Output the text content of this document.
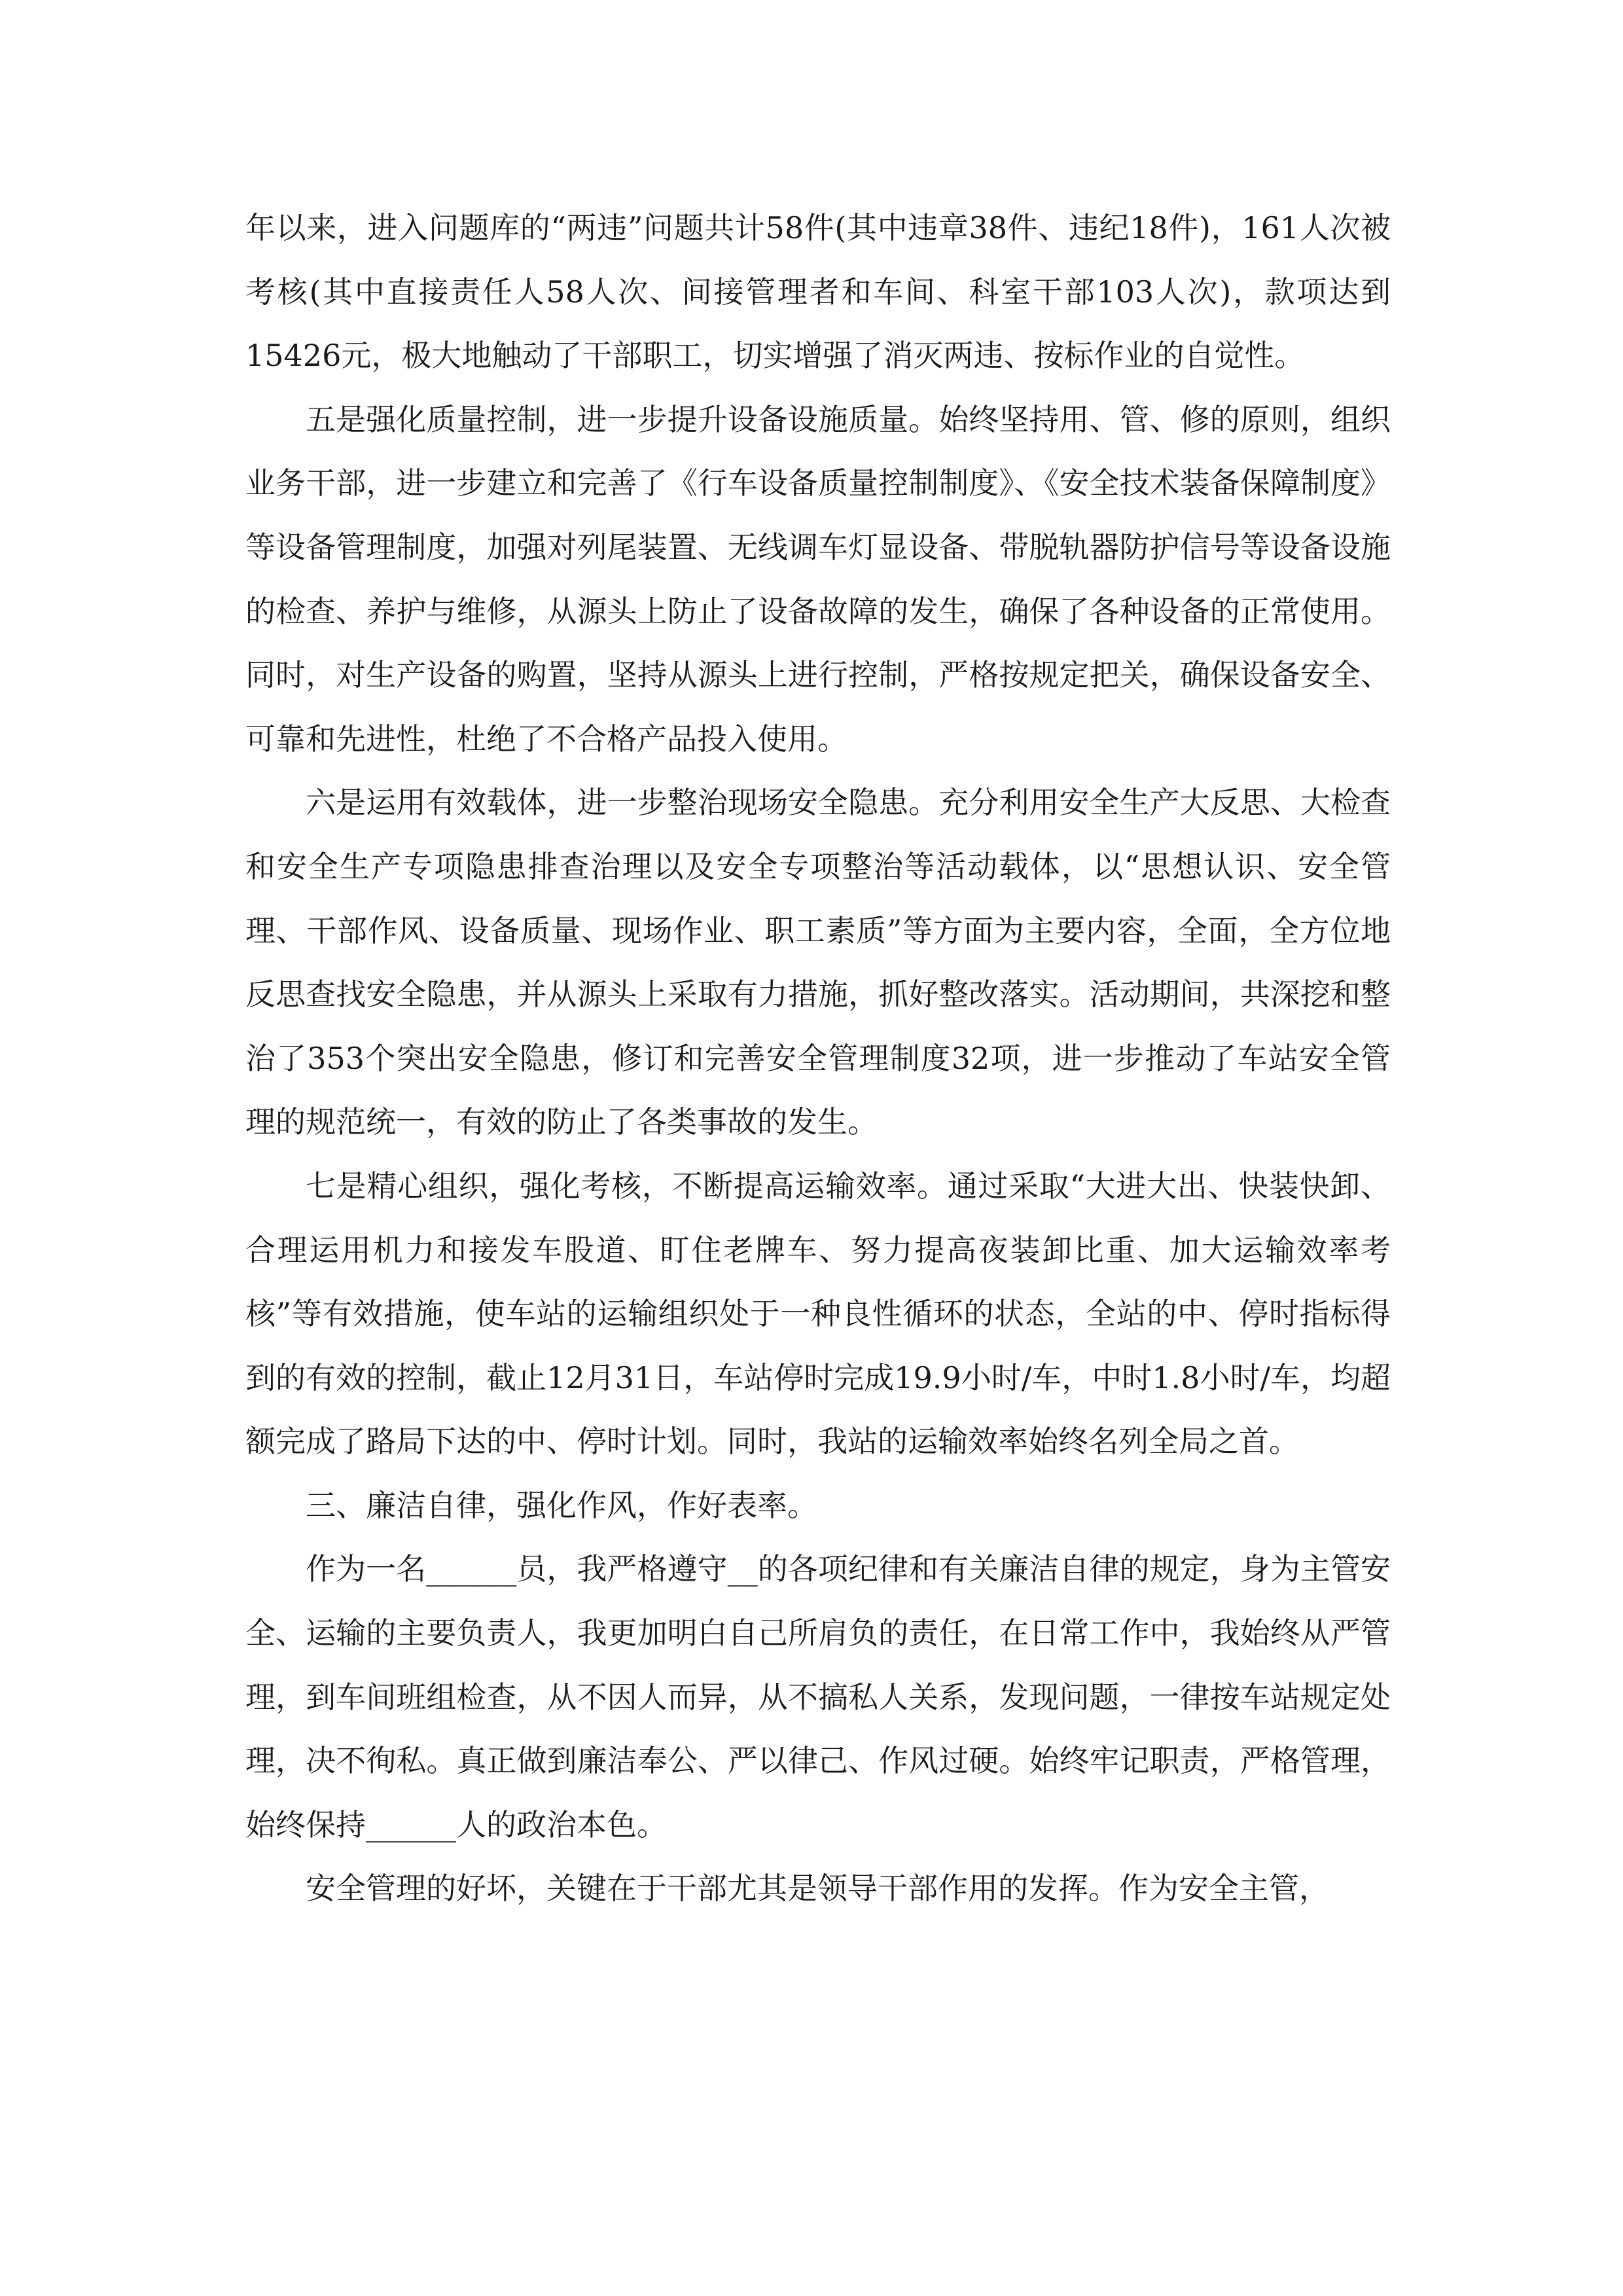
年以来，进入问题库的“两违”问题共计58件(其中违章38件、违纪18件)，161人次被考核(其中直接责任人58人次、间接管理者和车间、科室干部103人次)，款项达到15426元，极大地触动了干部职工，切实增强了消灭两违、按标作业的自觉性。

五是强化质量控制，进一步提升设备设施质量。始终坚持用、管、修的原则，组织业务干部，进一步建立和完善了《行车设备质量控制制度》、《安全技术装备保障制度》等设备管理制度，加强对列尾装置、无线调车灯显设备、带脱轨器防护信号等设备设施的检查、养护与维修，从源头上防止了设备故障的发生，确保了各种设备的正常使用。同时，对生产设备的购置，坚持从源头上进行控制，严格按规定把关，确保设备安全、可靠和先进性，杜绝了不合格产品投入使用。

六是运用有效载体，进一步整治现场安全隐患。充分利用安全生产大反思、大检查和安全生产专项隐患排查治理以及安全专项整治等活动载体，以“思想认识、安全管理、干部作风、设备质量、现场作业、职工素质”等方面为主要内容，全面，全方位地反思查找安全隐患，并从源头上采取有力措施，抓好整改落实。活动期间，共深挖和整治了353个突出安全隐患，修订和完善安全管理制度32项，进一步推动了车站安全管理的规范统一，有效的防止了各类事故的发生。

七是精心组织，强化考核，不断提高运输效率。通过采取“大进大出、快装快卸、合理运用机力和接发车股道、盯住老牌车、努力提高夜装卸比重、加大运输效率考核”等有效措施，使车站的运输组织处于一种良性循环的状态，全站的中、停时指标得到的有效的控制，截止12月31日，车站停时完成19.9小时/车，中时1.8小时/车，均超额完成了路局下达的中、停时计划。同时，我站的运输效率始终名列全局之首。

三、廉洁自律，强化作风，作好表率。

作为一名______员，我严格遵守__的各项纪律和有关廉洁自律的规定，身为主管安全、运输的主要负责人，我更加明白自己所肩负的责任，在日常工作中，我始终从严管理，到车间班组检查，从不因人而异，从不搞私人关系，发现问题，一律按车站规定处理，决不徇私。真正做到廉洁奉公、严以律己、作风过硬。始终牢记职责，严格管理，始终保持______人的政治本色。

安全管理的好坏，关键在于干部尤其是领导干部作用的发挥。作为安全主管，
